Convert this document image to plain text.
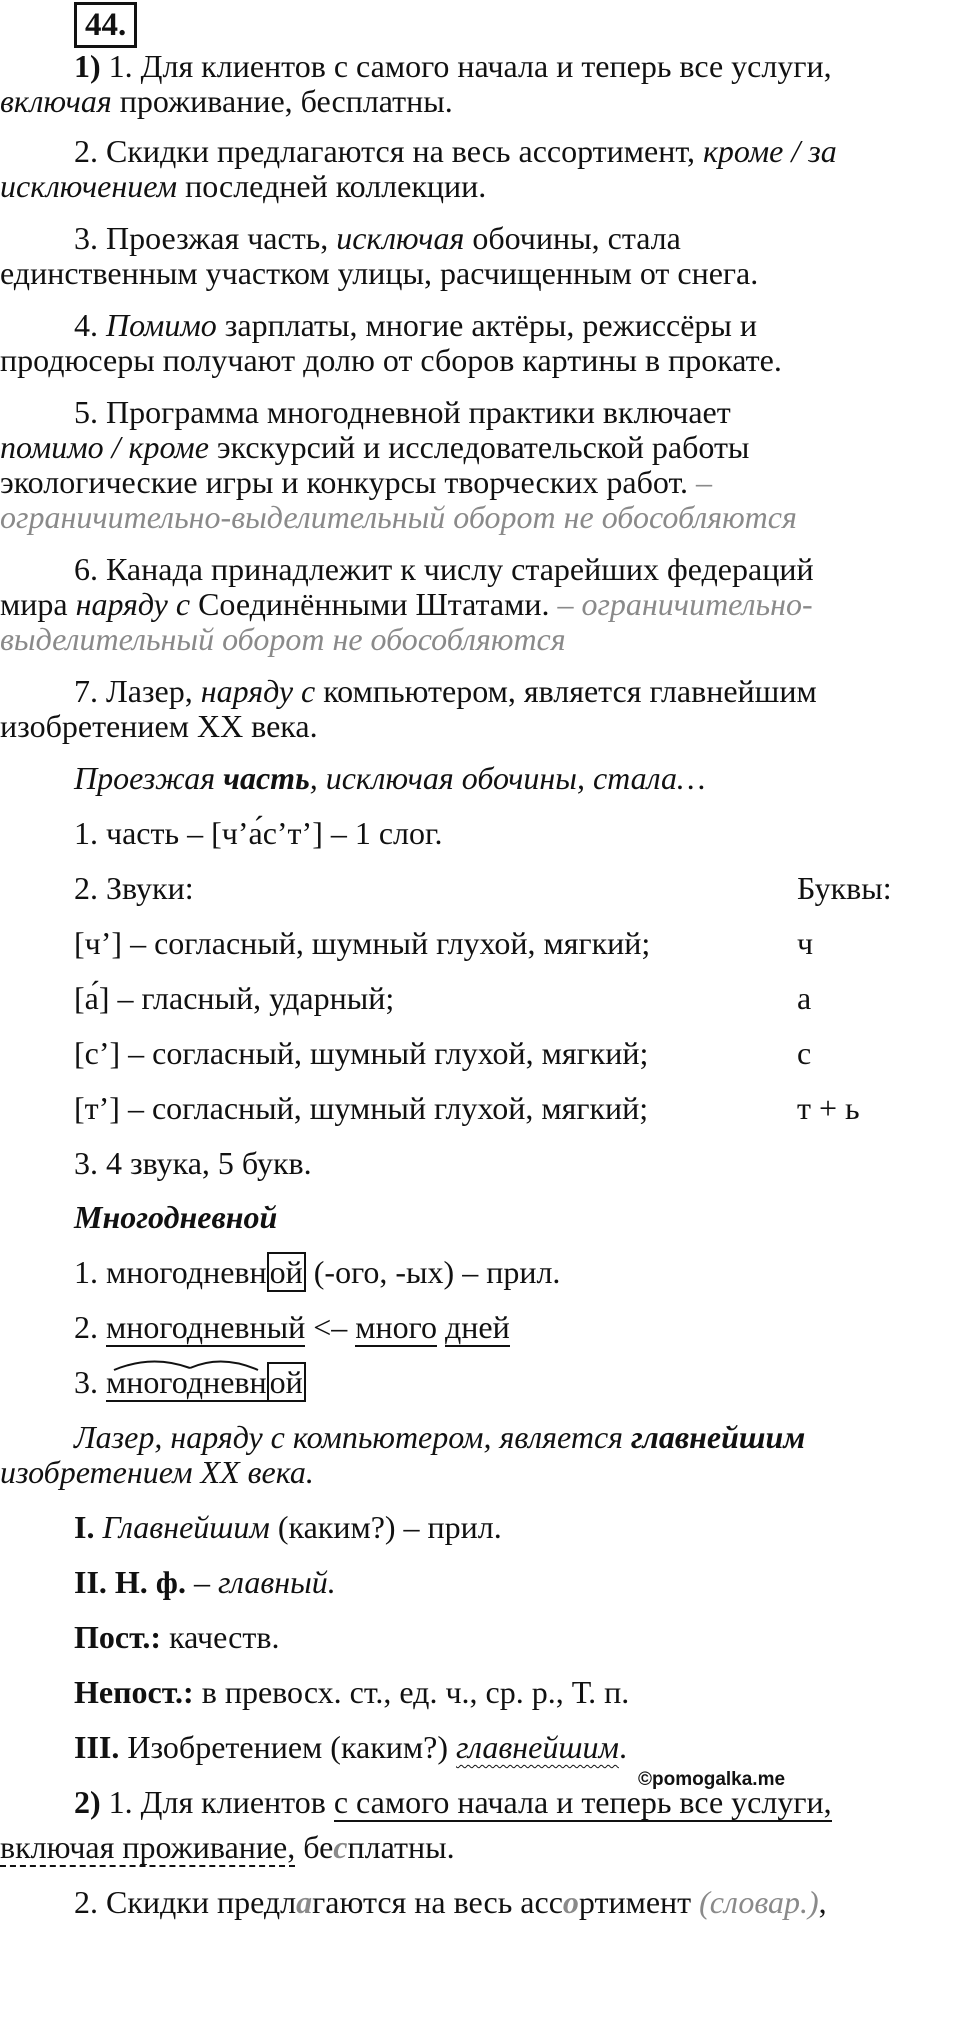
44.
1) 1. Для клиентов с самого начала и теперь все услуги,
включая проживание, бесплатны.
2. Скидки предлагаются на весь ассортимент, кроме / за
исключением последней коллекции.
3. Проезжая часть, исключая обочины, стала
единственным участком улицы, расчищенным от снега.
4. Помимо зарплаты, многие актёры, режиссёры и
продюсеры получают долю от сборов картины в прокате.
5. Программа многодневной практики включает
помимо / кроме экскурсий и исследовательской работы
экологические игры и конкурсы творческих работ. –
ограничительно-выделительный оборот не обособляются
6. Канада принадлежит к числу старейших федераций
мира наряду с Соединёнными Штатами. – ограничительно-
выделительный оборот не обособляются
7. Лазер, наряду с компьютером, является главнейшим
изобретением XX века.
Проезжая часть, исключая обочины, стала…
1. часть – [ч’а́с’т’] – 1 слог.
2. Звуки:	Буквы:
[ч’] – согласный, шумный глухой, мягкий;	ч
[а́] – гласный, ударный;	а
[с’] – согласный, шумный глухой, мягкий;	с
[т’] – согласный, шумный глухой, мягкий;	т + ь
3. 4 звука, 5 букв.
Многодневной
1. многодневной (-ого, -ых) – прил.
2. многодневный <– много дней
3. многодневной
Лазер, наряду с компьютером, является главнейшим
изобретением XX века.
I. Главнейшим (каким?) – прил.
II. Н. ф. – главный.
Пост.: качеств.
©pomogalka.me
Непост.: в превосх. ст., ед. ч., ср. р., Т. п.
III. Изобретением (каким?) главнейшим.
2) 1. Для клиентов с самого начала и теперь все услуги,
включая проживание, бесплатны.
2. Скидки предлагаются на весь ассортимент (словар.),
